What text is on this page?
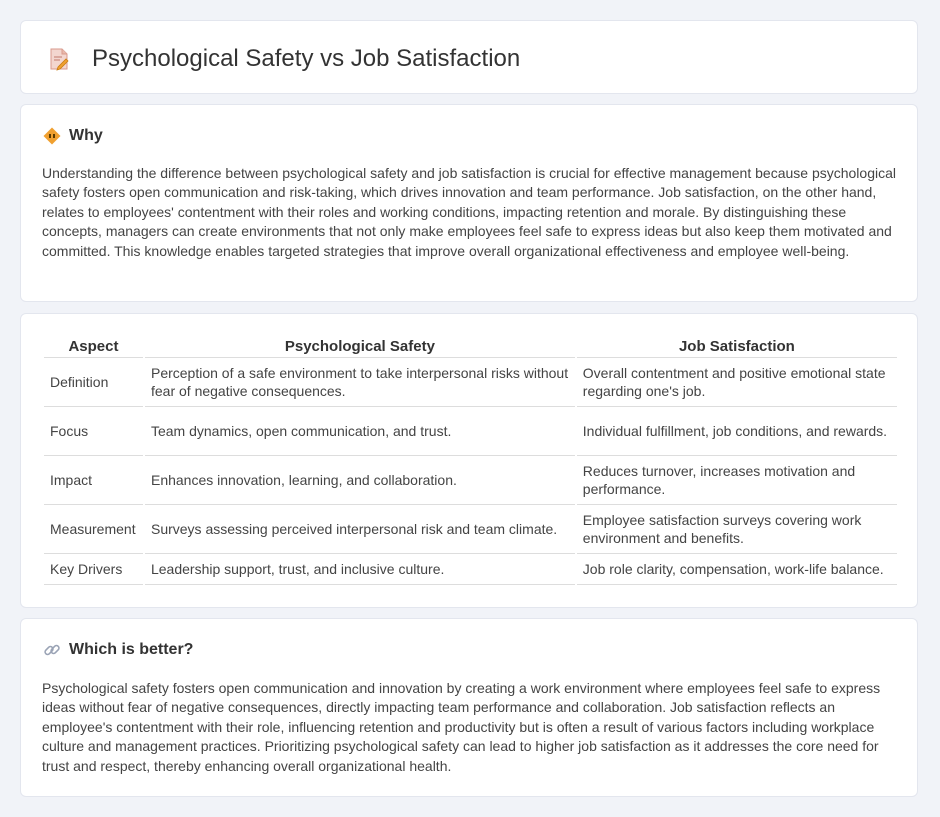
Psychological Safety vs Job Satisfaction
Why

Understanding the difference between psychological safety and job satisfaction is crucial for effective management because psychological safety fosters open communication and risk-taking, which drives innovation and team performance. Job satisfaction, on the other hand, relates to employees' contentment with their roles and working conditions, impacting retention and morale. By distinguishing these concepts, managers can create environments that not only make employees feel safe to express ideas but also keep them motivated and committed. This knowledge enables targeted strategies that improve overall organizational effectiveness and employee well-being.

Aspect	Psychological Safety	Job Satisfaction
Definition	Perception of a safe environment to take interpersonal risks without fear of negative consequences.	Overall contentment and positive emotional state regarding one's job.
Focus	Team dynamics, open communication, and trust.	Individual fulfillment, job conditions, and rewards.
Impact	Enhances innovation, learning, and collaboration.	Reduces turnover, increases motivation and performance.
Measurement	Surveys assessing perceived interpersonal risk and team climate.	Employee satisfaction surveys covering work environment and benefits.
Key Drivers	Leadership support, trust, and inclusive culture.	Job role clarity, compensation, work-life balance.
Which is better?

Psychological safety fosters open communication and innovation by creating a work environment where employees feel safe to express ideas without fear of negative consequences, directly impacting team performance and collaboration. Job satisfaction reflects an employee's contentment with their role, influencing retention and productivity but is often a result of various factors including workplace culture and management practices. Prioritizing psychological safety can lead to higher job satisfaction as it addresses the core need for trust and respect, thereby enhancing overall organizational health.
